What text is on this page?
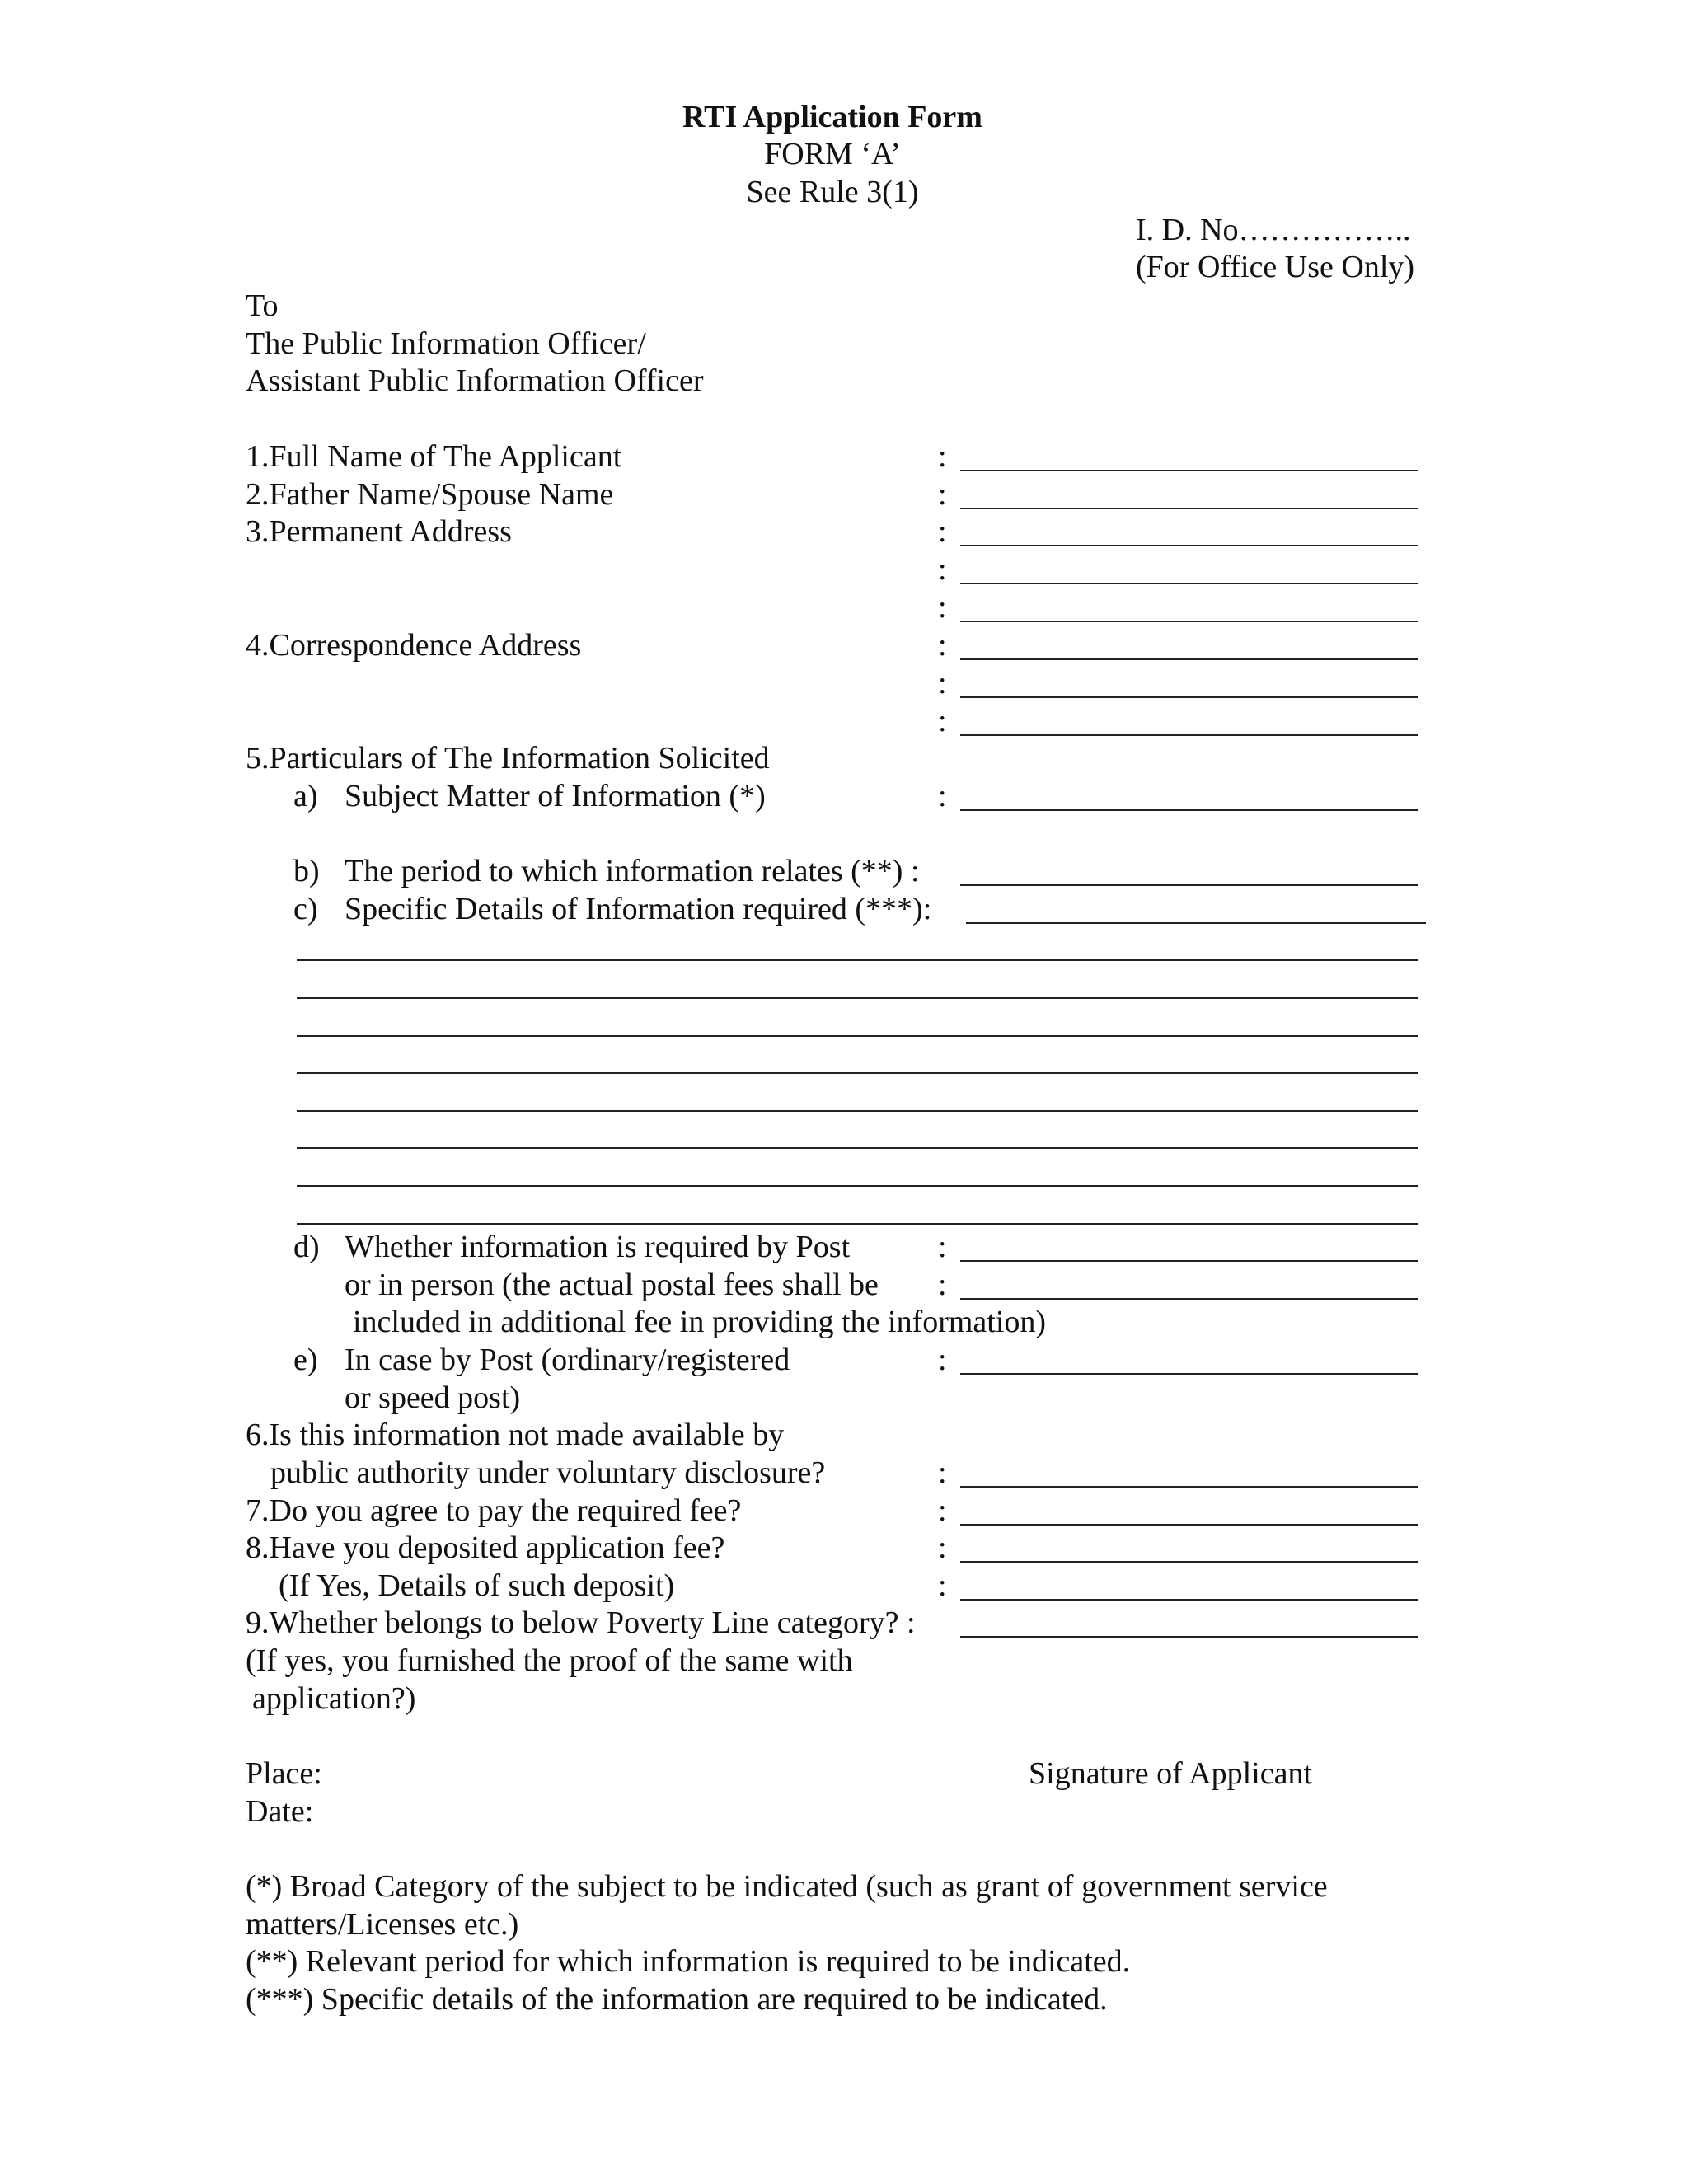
RTI Application Form
FORM ‘A’
See Rule 3(1)
I. D. No……………..
(For Office Use Only)
To
The Public Information Officer/
Assistant Public Information Officer
1.Full Name of The Applicant	:
2.Father Name/Spouse Name	:
3.Permanent Address	:
:
:
4.Correspondence Address	:
:
:
5.Particulars of The Information Solicited
a) Subject Matter of Information (*)	:
b) The period to which information relates (**) :
c) Specific Details of Information required (***):
d) Whether information is required by Post	:
or in person (the actual postal fees shall be :
included in additional fee in providing the information)
e) In case by Post (ordinary/registered	:
or speed post)
6.Is this information not made available by
public authority under voluntary disclosure?	:
7.Do you agree to pay the required fee?	:
8.Have you deposited application fee?	:
(If Yes, Details of such deposit)	:
9.Whether belongs to below Poverty Line category? :
(If yes, you furnished the proof of the same with
application?)
Place:	Signature of Applicant
Date:
(*) Broad Category of the subject to be indicated (such as grant of government service
matters/Licenses etc.)
(**) Relevant period for which information is required to be indicated.
(***) Specific details of the information are required to be indicated.
